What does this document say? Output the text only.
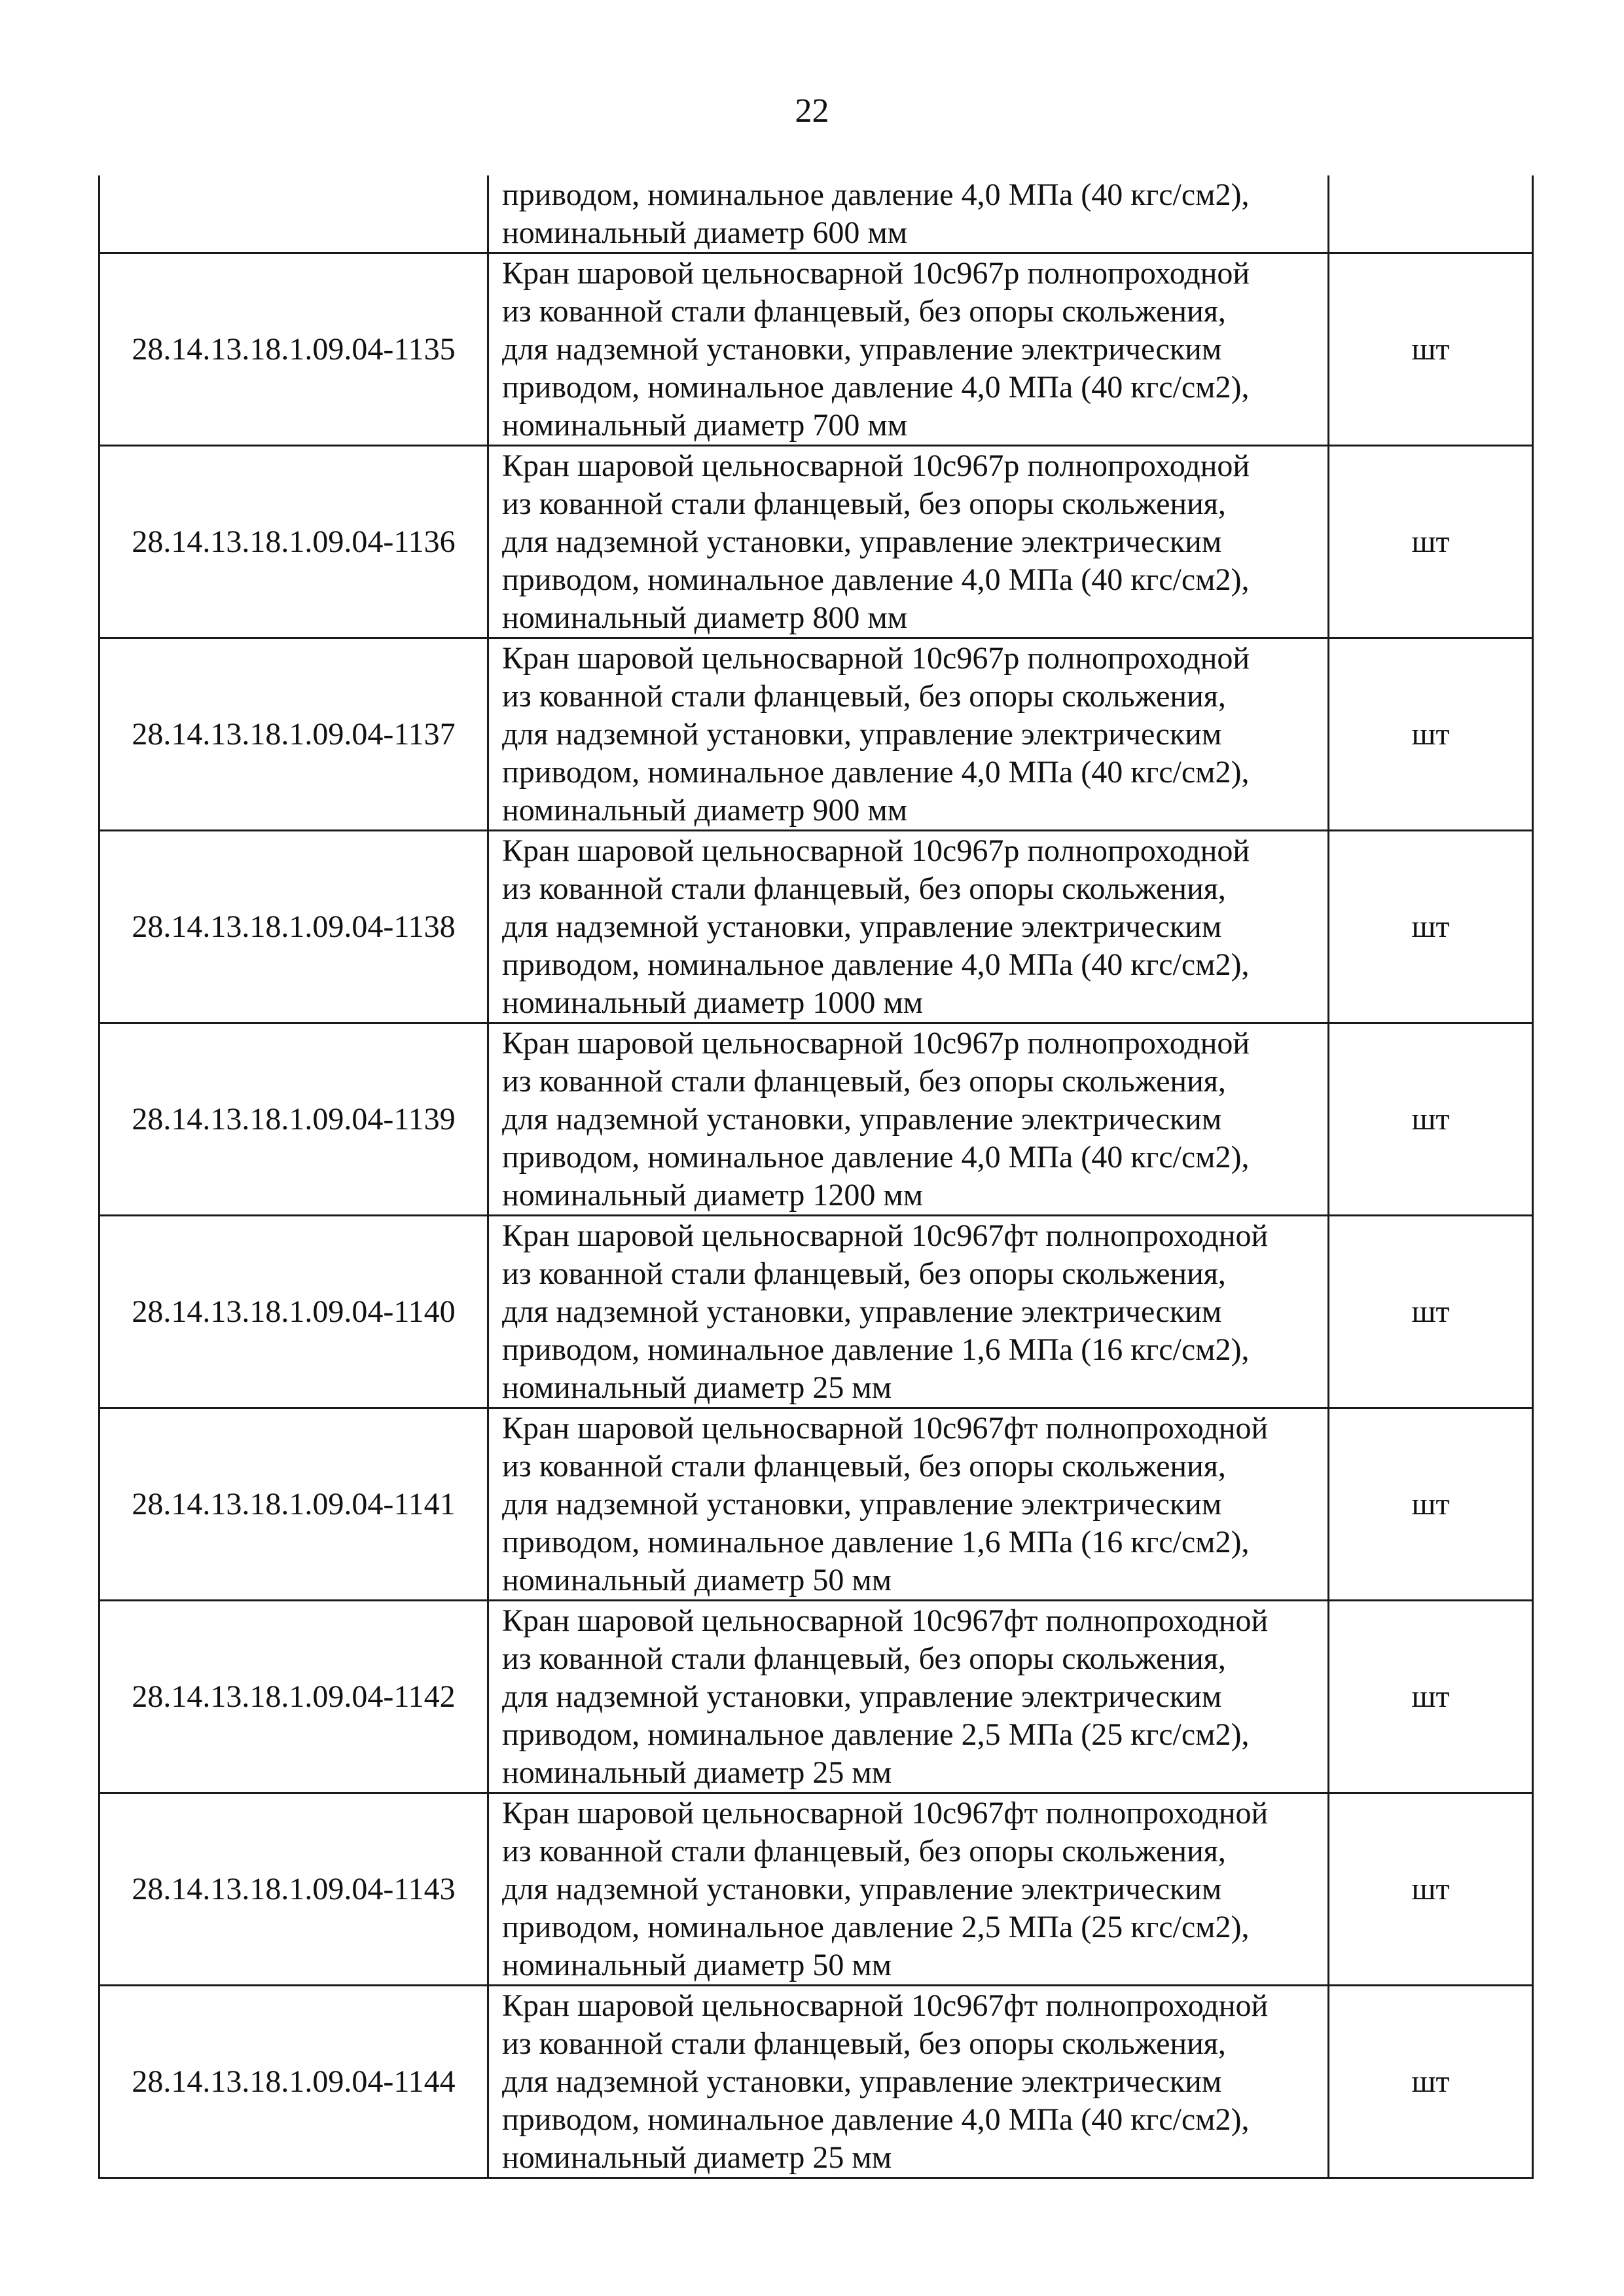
22

	приводом, номинальное давление 4,0 МПа (40 кгс/см2),
номинальный диаметр 600 мм	

28.14.13.18.1.09.04-1135	Кран шаровой цельносварной 10с967р полнопроходной
из кованной стали фланцевый, без опоры скольжения,
для надземной установки, управление электрическим
приводом, номинальное давление 4,0 МПа (40 кгс/см2),
номинальный диаметр 700 мм	шт
28.14.13.18.1.09.04-1136	Кран шаровой цельносварной 10с967р полнопроходной
из кованной стали фланцевый, без опоры скольжения,
для надземной установки, управление электрическим
приводом, номинальное давление 4,0 МПа (40 кгс/см2),
номинальный диаметр 800 мм	шт
28.14.13.18.1.09.04-1137	Кран шаровой цельносварной 10с967р полнопроходной
из кованной стали фланцевый, без опоры скольжения,
для надземной установки, управление электрическим
приводом, номинальное давление 4,0 МПа (40 кгс/см2),
номинальный диаметр 900 мм	шт
28.14.13.18.1.09.04-1138	Кран шаровой цельносварной 10с967р полнопроходной
из кованной стали фланцевый, без опоры скольжения,
для надземной установки, управление электрическим
приводом, номинальное давление 4,0 МПа (40 кгс/см2),
номинальный диаметр 1000 мм	шт
28.14.13.18.1.09.04-1139	Кран шаровой цельносварной 10с967р полнопроходной
из кованной стали фланцевый, без опоры скольжения,
для надземной установки, управление электрическим
приводом, номинальное давление 4,0 МПа (40 кгс/см2),
номинальный диаметр 1200 мм	шт
28.14.13.18.1.09.04-1140	Кран шаровой цельносварной 10с967фт полнопроходной
из кованной стали фланцевый, без опоры скольжения,
для надземной установки, управление электрическим
приводом, номинальное давление 1,6 МПа (16 кгс/см2),
номинальный диаметр 25 мм	шт
28.14.13.18.1.09.04-1141	Кран шаровой цельносварной 10с967фт полнопроходной
из кованной стали фланцевый, без опоры скольжения,
для надземной установки, управление электрическим
приводом, номинальное давление 1,6 МПа (16 кгс/см2),
номинальный диаметр 50 мм	шт
28.14.13.18.1.09.04-1142	Кран шаровой цельносварной 10с967фт полнопроходной
из кованной стали фланцевый, без опоры скольжения,
для надземной установки, управление электрическим
приводом, номинальное давление 2,5 МПа (25 кгс/см2),
номинальный диаметр 25 мм	шт
28.14.13.18.1.09.04-1143	Кран шаровой цельносварной 10с967фт полнопроходной
из кованной стали фланцевый, без опоры скольжения,
для надземной установки, управление электрическим
приводом, номинальное давление 2,5 МПа (25 кгс/см2),
номинальный диаметр 50 мм	шт
28.14.13.18.1.09.04-1144	Кран шаровой цельносварной 10с967фт полнопроходной
из кованной стали фланцевый, без опоры скольжения,
для надземной установки, управление электрическим
приводом, номинальное давление 4,0 МПа (40 кгс/см2),
номинальный диаметр 25 мм	шт
